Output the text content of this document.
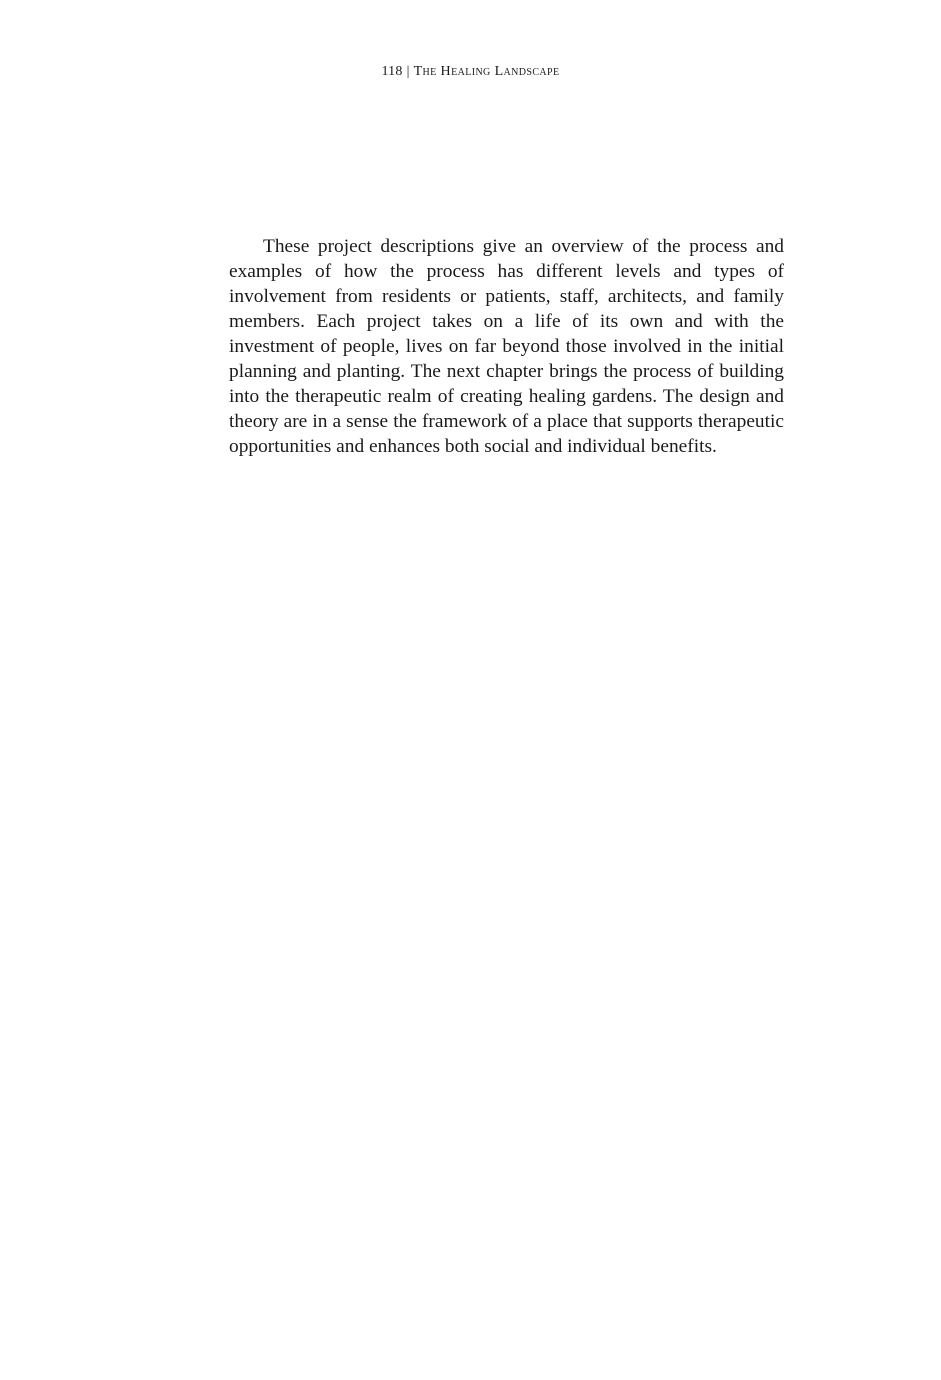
118 | The Healing Landscape

These project descriptions give an overview of the process and examples of how the process has different levels and types of involvement from residents or patients, staff, architects, and family members. Each project takes on a life of its own and with the investment of people, lives on far beyond those involved in the initial planning and planting. The next chapter brings the process of building into the therapeutic realm of creating healing gardens. The design and theory are in a sense the framework of a place that supports therapeutic opportunities and enhances both social and individual benefits.
